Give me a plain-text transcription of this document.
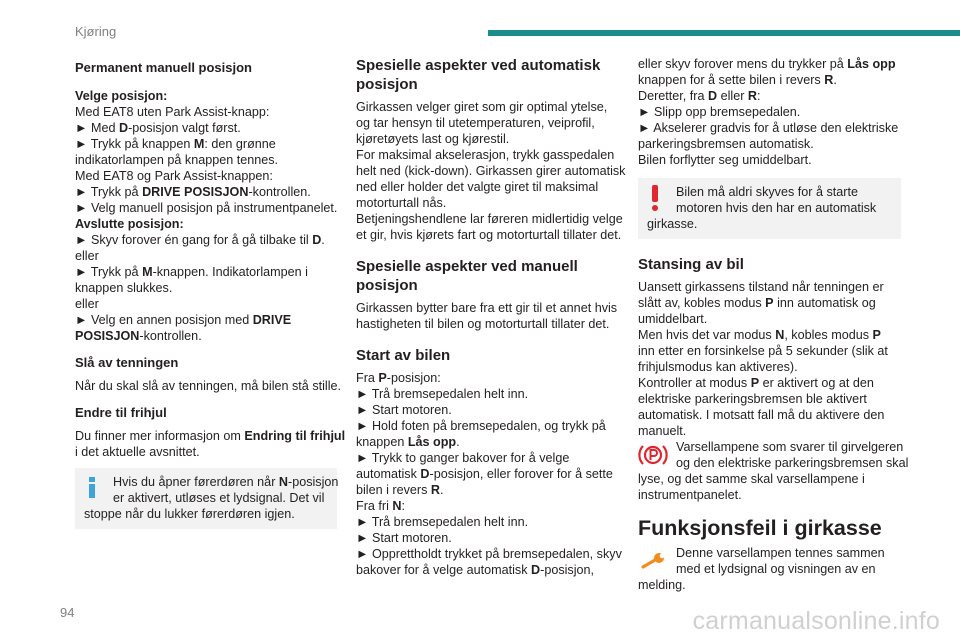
Kjøring
Permanent manuell posisjon
Velge posisjon:
Med EAT8 uten Park Assist-knapp:
► Med D-posisjon valgt først.
► Trykk på knappen M: den grønne
indikatorlampen på knappen tennes.
Med EAT8 og Park Assist-knappen:
► Trykk på DRIVE POSISJON-kontrollen.
► Velg manuell posisjon på instrumentpanelet.
Avslutte posisjon:
► Skyv forover én gang for å gå tilbake til D.
eller
► Trykk på M-knappen. Indikatorlampen i
knappen slukkes.
eller
► Velg en annen posisjon med DRIVE
POSISJON-kontrollen.
Slå av tenningen
Når du skal slå av tenningen, må bilen stå stille.
Endre til frihjul
Du finner mer informasjon om Endring til frihjul
i det aktuelle avsnittet.
Hvis du åpner førerdøren når N-posisjon
er aktivert, utløses et lydsignal. Det vil
stoppe når du lukker førerdøren igjen.
Spesielle aspekter ved automatisk
posisjon
Girkassen velger giret som gir optimal ytelse,
og tar hensyn til utetemperaturen, veiprofil,
kjøretøyets last og kjørestil.
For maksimal akselerasjon, trykk gasspedalen
helt ned (kick-down). Girkassen girer automatisk
ned eller holder det valgte giret til maksimal
motorturtall nås.
Betjeningshendlene lar føreren midlertidig velge
et gir, hvis kjørets fart og motorturtall tillater det.
Spesielle aspekter ved manuell
posisjon
Girkassen bytter bare fra ett gir til et annet hvis
hastigheten til bilen og motorturtall tillater det.
Start av bilen
Fra P-posisjon:
► Trå bremsepedalen helt inn.
► Start motoren.
► Hold foten på bremsepedalen, og trykk på
knappen Lås opp.
► Trykk to ganger bakover for å velge
automatisk D-posisjon, eller forover for å sette
bilen i revers R.
Fra fri N:
► Trå bremsepedalen helt inn.
► Start motoren.
► Opprettholdt trykket på bremsepedalen, skyv
bakover for å velge automatisk D-posisjon,
eller skyv forover mens du trykker på Lås opp
knappen for å sette bilen i revers R.
Deretter, fra D eller R:
► Slipp opp bremsepedalen.
► Akselerer gradvis for å utløse den elektriske
parkeringsbremsen automatisk.
Bilen forflytter seg umiddelbart.
Bilen må aldri skyves for å starte
motoren hvis den har en automatisk
girkasse.
Stansing av bil
Uansett girkassens tilstand når tenningen er
slått av, kobles modus P inn automatisk og
umiddelbart.
Men hvis det var modus N, kobles modus P
inn etter en forsinkelse på 5 sekunder (slik at
frihjulsmodus kan aktiveres).
Kontroller at modus P er aktivert og at den
elektriske parkeringsbremsen ble aktivert
automatisk. I motsatt fall må du aktivere den
manuelt.
Varsellampene som svarer til girvelgeren
og den elektriske parkeringsbremsen skal
lyse, og det samme skal varsellampene i
instrumentpanelet.
Funksjonsfeil i girkasse
Denne varsellampen tennes sammen
med et lydsignal og visningen av en
melding.
94	carmanualsonline.info
